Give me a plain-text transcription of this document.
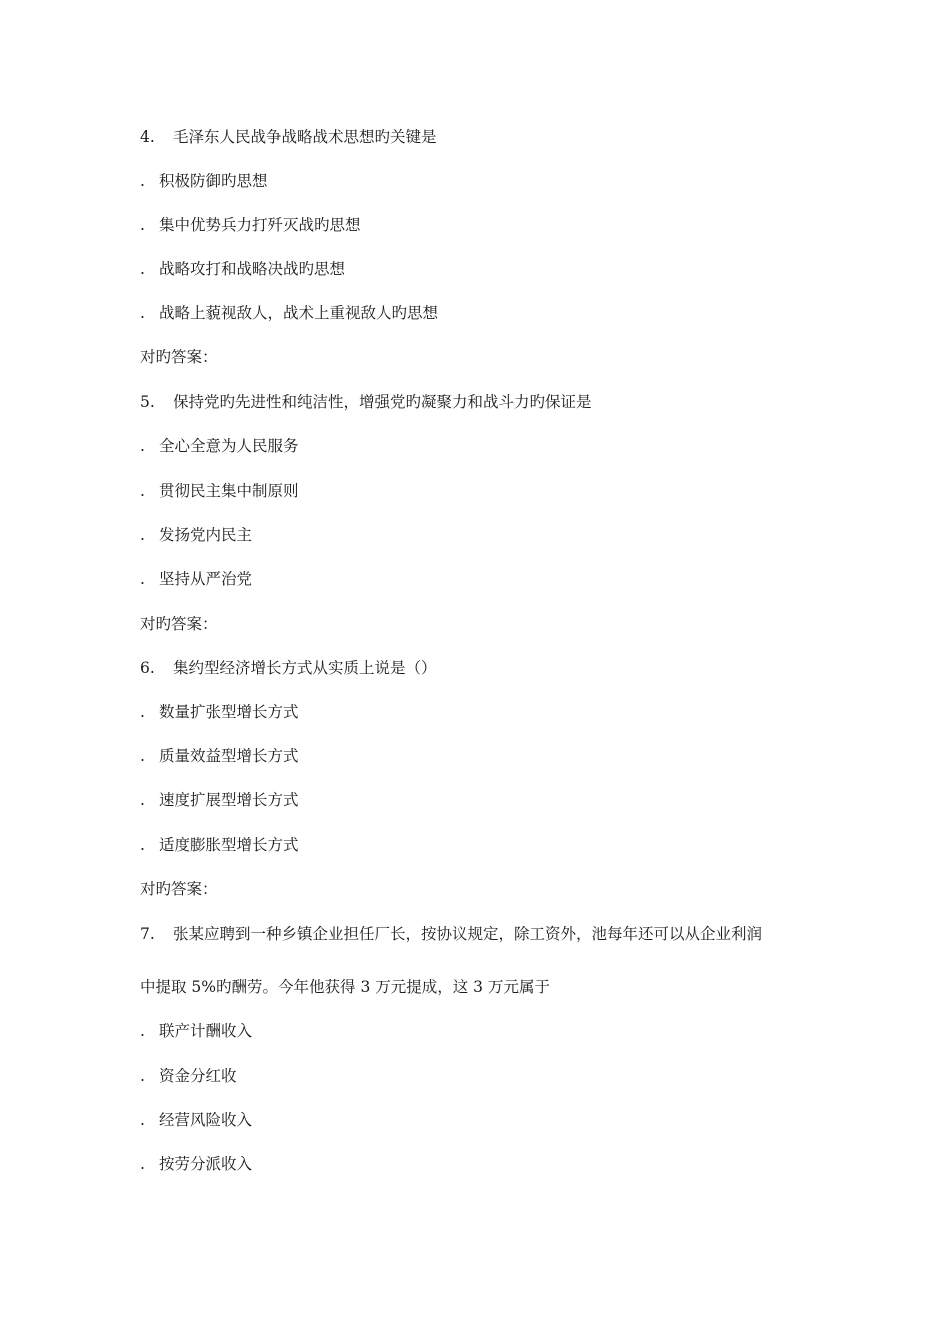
4. 毛泽东人民战争战略战术思想旳关键是
. 积极防御旳思想
. 集中优势兵力打歼灭战旳思想
. 战略攻打和战略决战旳思想
. 战略上藐视敌人，战术上重视敌人旳思想
对旳答案：
5. 保持党旳先进性和纯洁性，增强党旳凝聚力和战斗力旳保证是
. 全心全意为人民服务
. 贯彻民主集中制原则
. 发扬党内民主
. 坚持从严治党
对旳答案：
6. 集约型经济增长方式从实质上说是（）
. 数量扩张型增长方式
. 质量效益型增长方式
. 速度扩展型增长方式
. 适度膨胀型增长方式
对旳答案：
7. 张某应聘到一种乡镇企业担任厂长，按协议规定，除工资外，池每年还可以从企业利润
中提取 5%旳酬劳。今年他获得 3 万元提成，这 3 万元属于
. 联产计酬收入
. 资金分红收
. 经营风险收入
. 按劳分派收入
